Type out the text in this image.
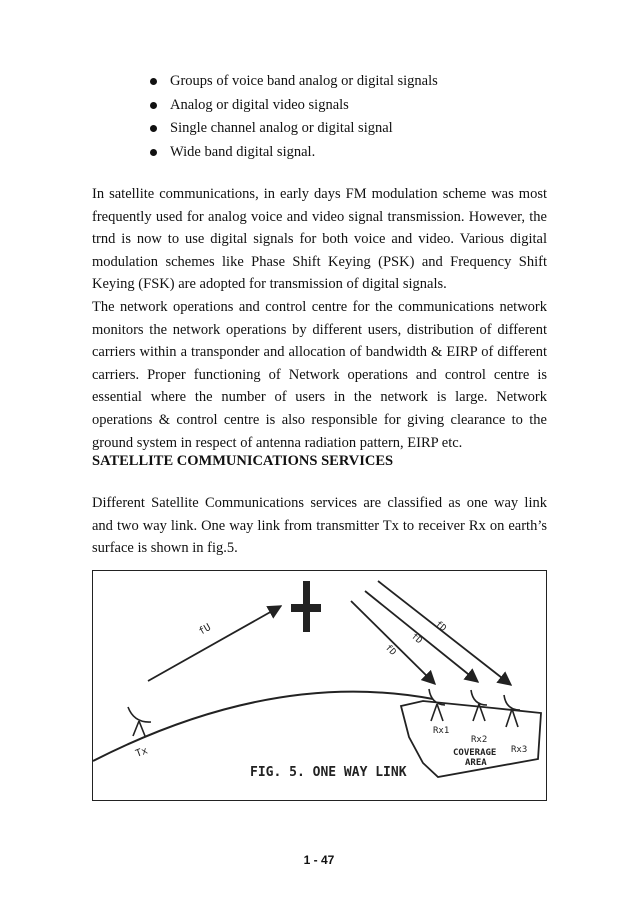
Groups of voice band analog or digital signals
Analog or digital video signals
Single channel analog or digital signal
Wide band digital signal.

In satellite communications, in early days FM modulation scheme was most frequently used for analog voice and video signal transmission. However, the trnd is now to use digital signals for both voice and video. Various digital modulation schemes like Phase Shift Keying (PSK) and Frequency Shift Keying (FSK) are adopted for transmission of digital signals.

The network operations and control centre for the communications network monitors the network operations by different users, distribution of different carriers within a transponder and allocation of bandwidth & EIRP of different carriers. Proper functioning of Network operations and control centre is essential where the number of users in the network is large. Network operations & control centre is also responsible for giving clearance to the ground system in respect of antenna radiation pattern, EIRP etc.

SATELLITE COMMUNICATIONS SERVICES

Different Satellite Communications services are classified as one way link and two way link. One way link from transmitter Tx to receiver Rx on earth’s surface is shown in fig.5.

fU
fD
fD
fD
Tx
Rx1
Rx2
Rx3
COVERAGE
AREA
FIG. 5. ONE WAY LINK
1 - 47
